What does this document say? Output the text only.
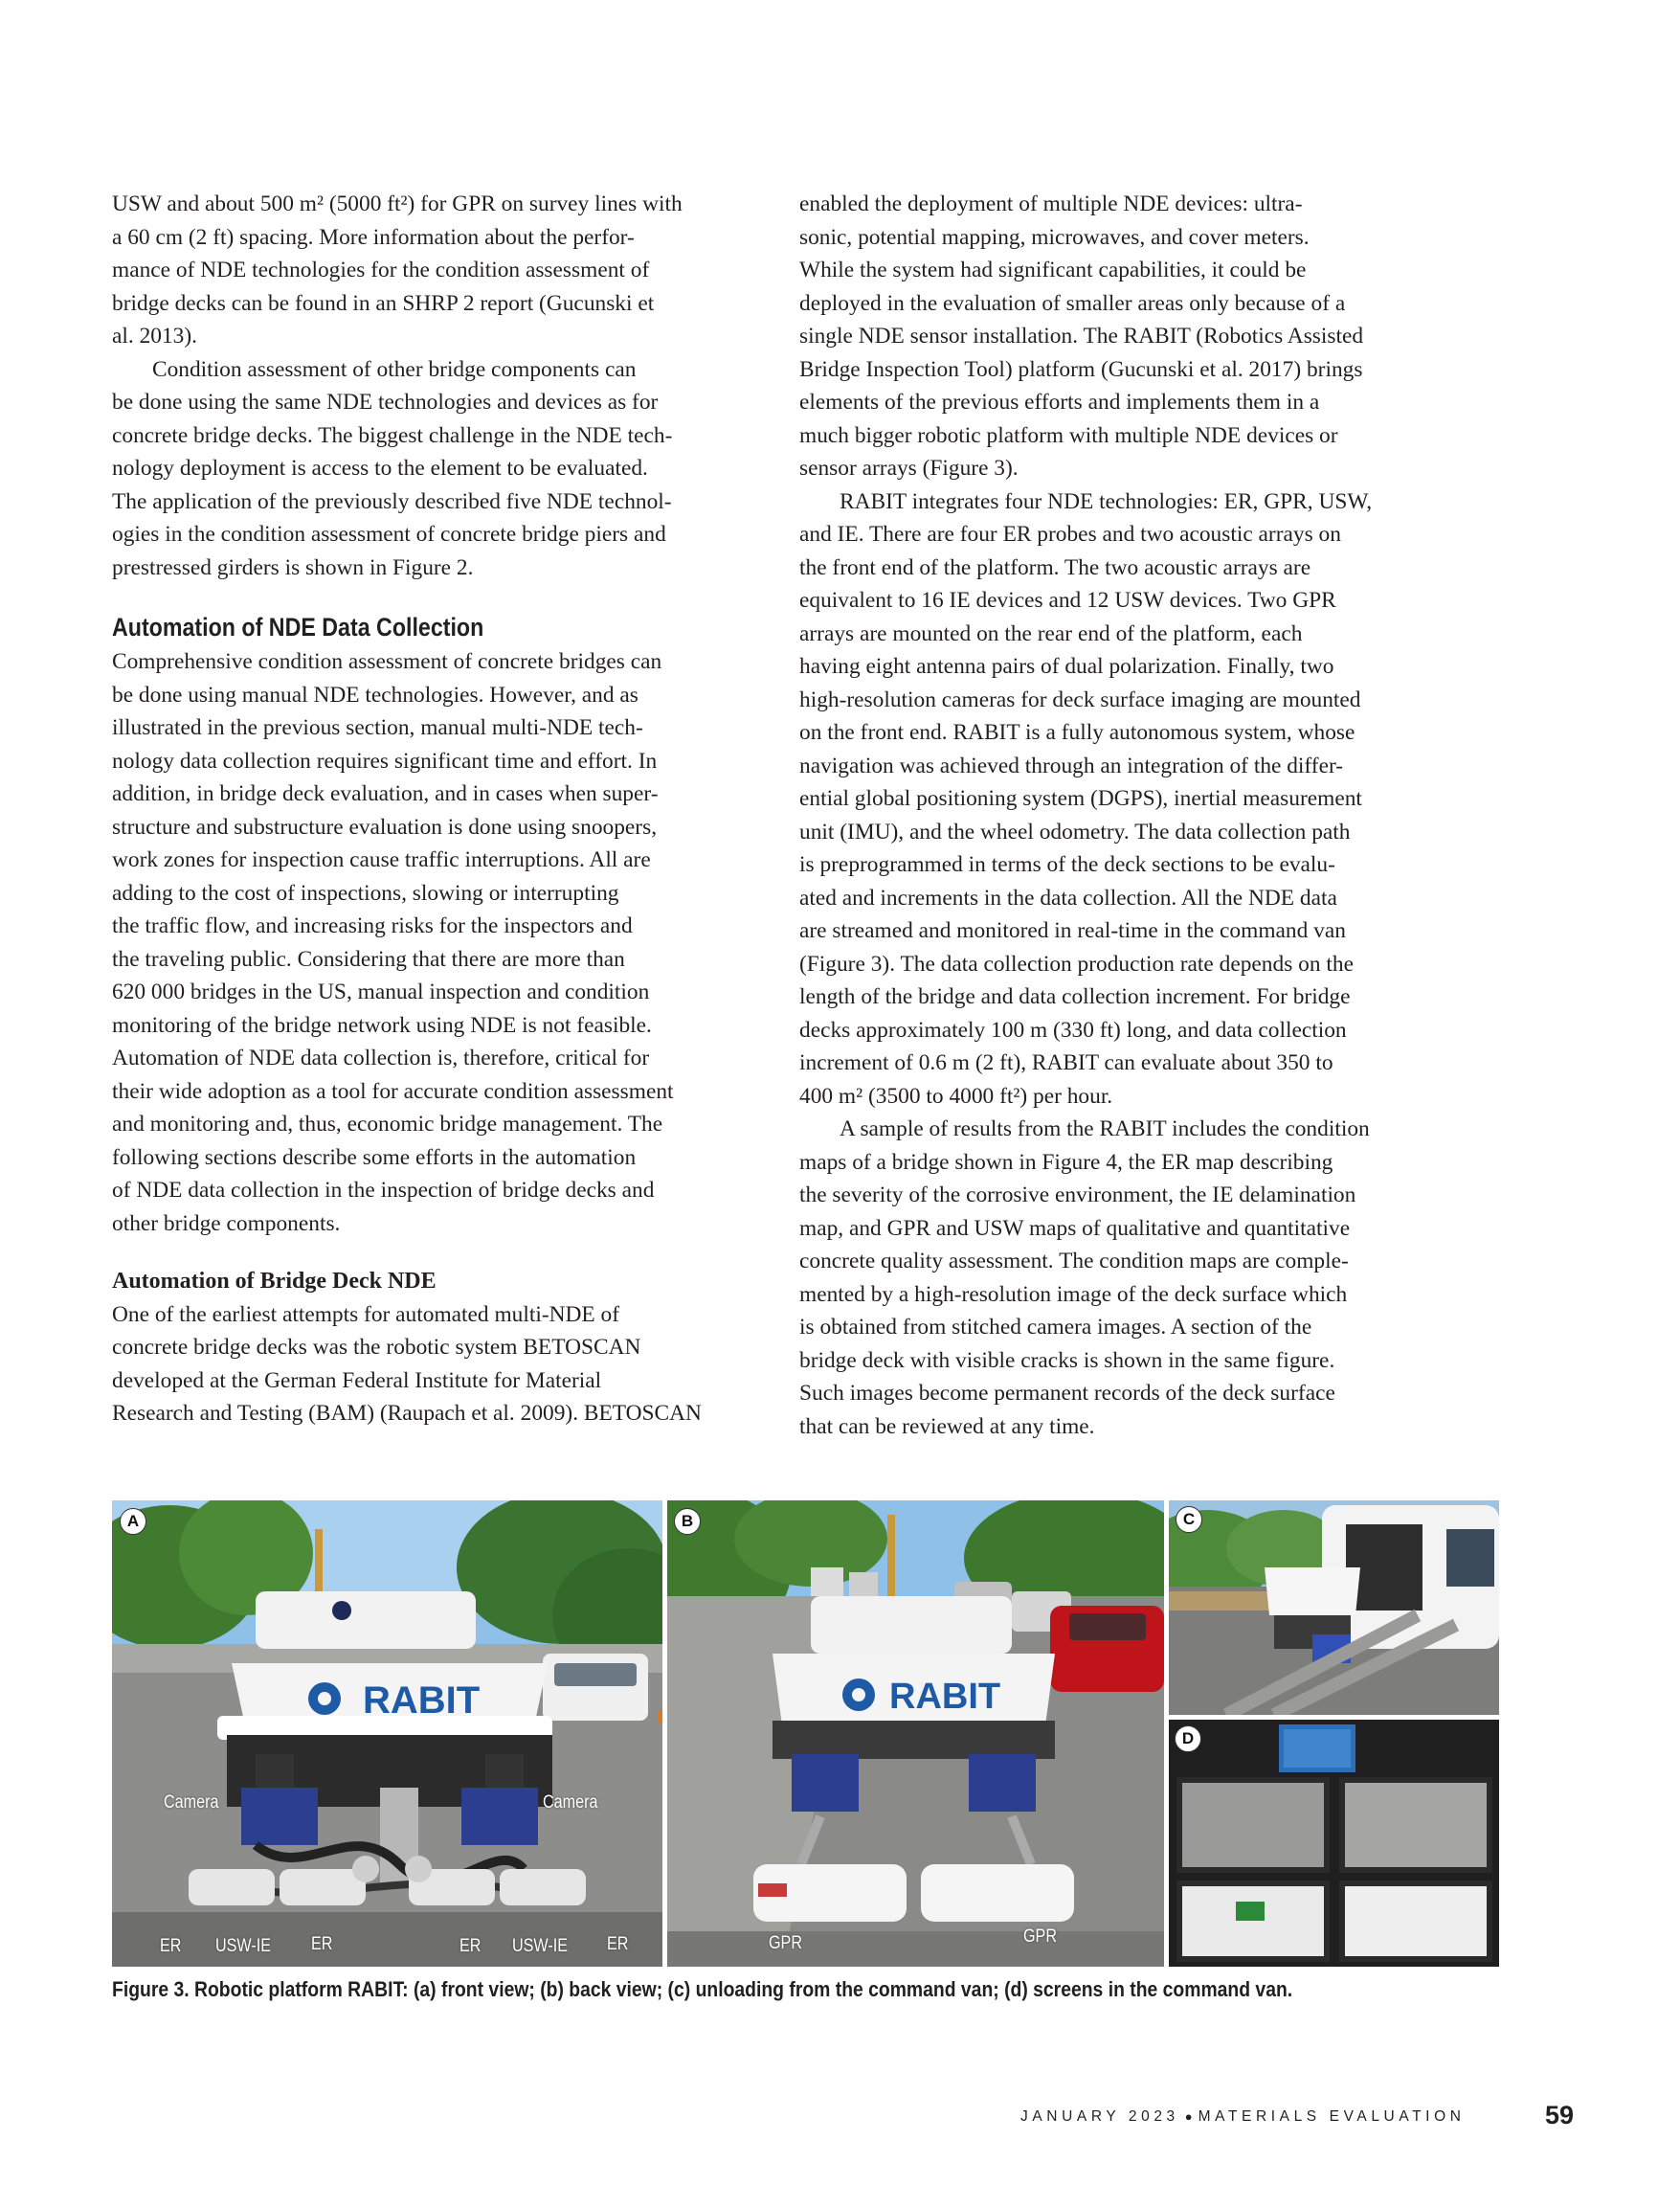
USW and about 500 m² (5000 ft²) for GPR on survey lines with
a 60 cm (2 ft) spacing. More information about the perfor-
mance of NDE technologies for the condition assessment of
bridge decks can be found in an SHRP 2 report (Gucunski et
al. 2013).
Condition assessment of other bridge components can
be done using the same NDE technologies and devices as for
concrete bridge decks. The biggest challenge in the NDE tech-
nology deployment is access to the element to be evaluated.
The application of the previously described five NDE technol-
ogies in the condition assessment of concrete bridge piers and
prestressed girders is shown in Figure 2.
Automation of NDE Data Collection
Comprehensive condition assessment of concrete bridges can
be done using manual NDE technologies. However, and as
illustrated in the previous section, manual multi-NDE tech-
nology data collection requires significant time and effort. In
addition, in bridge deck evaluation, and in cases when super-
structure and substructure evaluation is done using snoopers,
work zones for inspection cause traffic interruptions. All are
adding to the cost of inspections, slowing or interrupting
the traffic flow, and increasing risks for the inspectors and
the traveling public. Considering that there are more than
620 000 bridges in the US, manual inspection and condition
monitoring of the bridge network using NDE is not feasible.
Automation of NDE data collection is, therefore, critical for
their wide adoption as a tool for accurate condition assessment
and monitoring and, thus, economic bridge management. The
following sections describe some efforts in the automation
of NDE data collection in the inspection of bridge decks and
other bridge components.
Automation of Bridge Deck NDE
One of the earliest attempts for automated multi-NDE of
concrete bridge decks was the robotic system BETOSCAN
developed at the German Federal Institute for Material
Research and Testing (BAM) (Raupach et al. 2009). BETOSCAN
enabled the deployment of multiple NDE devices: ultra-
sonic, potential mapping, microwaves, and cover meters.
While the system had significant capabilities, it could be
deployed in the evaluation of smaller areas only because of a
single NDE sensor installation. The RABIT (Robotics Assisted
Bridge Inspection Tool) platform (Gucunski et al. 2017) brings
elements of the previous efforts and implements them in a
much bigger robotic platform with multiple NDE devices or
sensor arrays (Figure 3).
RABIT integrates four NDE technologies: ER, GPR, USW,
and IE. There are four ER probes and two acoustic arrays on
the front end of the platform. The two acoustic arrays are
equivalent to 16 IE devices and 12 USW devices. Two GPR
arrays are mounted on the rear end of the platform, each
having eight antenna pairs of dual polarization. Finally, two
high-resolution cameras for deck surface imaging are mounted
on the front end. RABIT is a fully autonomous system, whose
navigation was achieved through an integration of the differ-
ential global positioning system (DGPS), inertial measurement
unit (IMU), and the wheel odometry. The data collection path
is preprogrammed in terms of the deck sections to be evalu-
ated and increments in the data collection. All the NDE data
are streamed and monitored in real-time in the command van
(Figure 3). The data collection production rate depends on the
length of the bridge and data collection increment. For bridge
decks approximately 100 m (330 ft) long, and data collection
increment of 0.6 m (2 ft), RABIT can evaluate about 350 to
400 m² (3500 to 4000 ft²) per hour.
A sample of results from the RABIT includes the condition
maps of a bridge shown in Figure 4, the ER map describing
the severity of the corrosive environment, the IE delamination
map, and GPR and USW maps of qualitative and quantitative
concrete quality assessment. The condition maps are comple-
mented by a high-resolution image of the deck surface which
is obtained from stitched camera images. A section of the
bridge deck with visible cracks is shown in the same figure.
Such images become permanent records of the deck surface
that can be reviewed at any time.
RABIT
A
Camera	Camera
ER USW-IE ER	ER USW-IE ER
RABIT
B
GPR	GPR
C
D
Figure 3. Robotic platform RABIT: (a) front view; (b) back view; (c) unloading from the command van; (d) screens in the command van.
JANUARY 2023 ● MATERIALS EVALUATION	59
